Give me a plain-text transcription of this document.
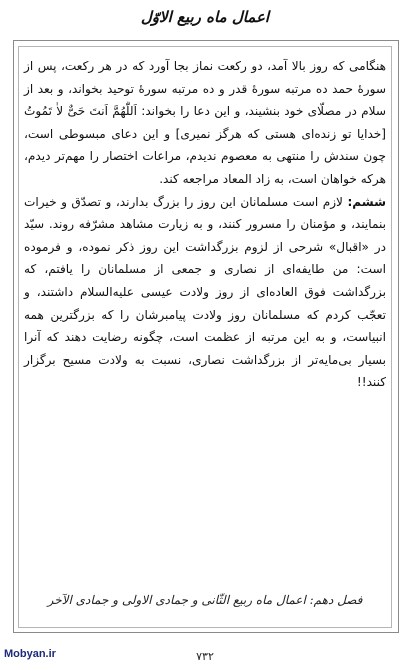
اعمال ماه ربیع الاوّل

هنگامی که روز بالا آمد، دو رکعت نماز بجا آورد که در هر رکعت، پس از سورهٔ حمد ده مرتبه سورهٔ قدر و ده مرتبه سورهٔ توحید بخواند، و بعد از سلام در مصلّای خود بنشیند، و این دعا را بخواند: اَللّٰهُمَّ اَنتَ حَیٌّ لاٰ تَمُوتُ [خدایا تو زنده‌ای هستی که هرگز نمیری] و این دعای مبسوطی است، چون سندش را منتهی به معصوم ندیدم، مراعات اختصار را مهم‌تر دیدم، هرکه خواهان است، به زاد المعاد مراجعه کند.

ششم: لازم است مسلمانان این روز را بزرگ بدارند، و تصدّق و خیرات بنمایند، و مؤمنان را مسرور کنند، و به زیارت مشاهد مشرّفه روند. سیّد در «اقبال» شرحی از لزوم بزرگداشت این روز ذکر نموده، و فرموده است: من طایفه‌ای از نصاری و جمعی از مسلمانان را یافتم، که بزرگداشت فوق العاده‌ای از روز ولادت عیسی عليه‌السلام داشتند، و تعجّب کردم که مسلمانان روز ولادت پیامبرشان را که بزرگترین همه انبیاست، و به این مرتبه از عظمت است، چگونه رضایت دهند که آنرا بسیار بی‌مایه‌تر از بزرگداشت نصاری، نسبت به ولادت مسیح برگزار کنند!!

فصل دهم: اعمال ماه ربیع الثّانی و جمادی الاولی و جمادی الآخر
Mobyan.ir	۷۳۲
